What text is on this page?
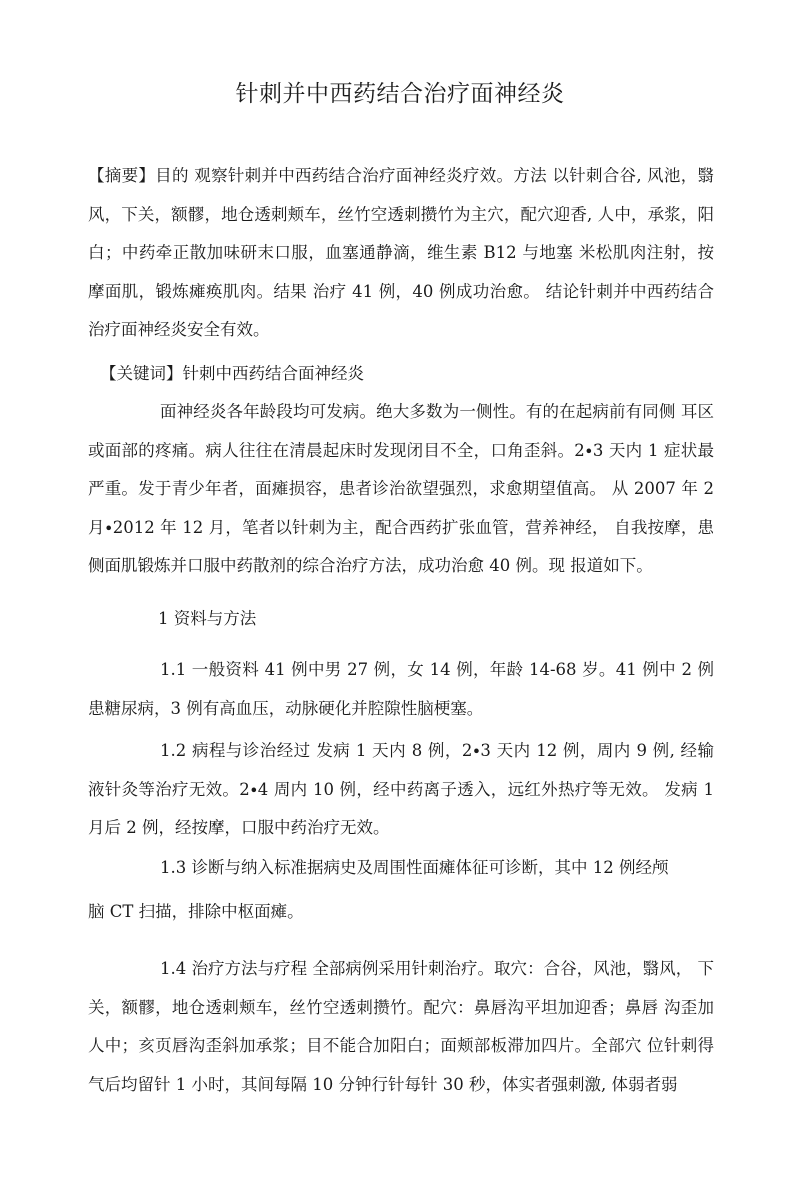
针刺并中西药结合治疗面神经炎

【摘要】目的 观察针刺并中西药结合治疗面神经炎疗效。方法 以针刺合谷, 风池，翳风，下关，额髎，地仓透刺颊车，丝竹空透刺攒竹为主穴，配穴迎香, 人中，承浆，阳白；中药牵正散加味研末口服，血塞通静滴，维生素 B12 与地塞 米松肌肉注射，按摩面肌，锻炼瘫痪肌肉。结果 治疗 41 例，40 例成功治愈。 结论针刺并中西药结合治疗面神经炎安全有效。

【关键词】针刺中西药结合面神经炎

面神经炎各年龄段均可发病。绝大多数为一侧性。有的在起病前有同侧 耳区或面部的疼痛。病人往往在清晨起床时发现闭目不全，口角歪斜。2∙3 天内 1 症状最严重。发于青少年者，面瘫损容，患者诊治欲望强烈，求愈期望值高。 从 2007 年 2 月∙2012 年 12 月，笔者以针刺为主，配合西药扩张血管，营养神经， 自我按摩，患侧面肌锻炼并口服中药散剂的综合治疗方法，成功治愈 40 例。现 报道如下。

1 资料与方法

1.1 一般资料 41 例中男 27 例，女 14 例，年龄 14-68 岁。41 例中 2 例 患糖尿病，3 例有高血压，动脉硬化并腔隙性脑梗塞。

1.2 病程与诊治经过 发病 1 天内 8 例，2∙3 天内 12 例，周内 9 例, 经输液针灸等治疗无效。2∙4 周内 10 例，经中药离子透入，远红外热疗等无效。 发病 1 月后 2 例，经按摩，口服中药治疗无效。

1.3 诊断与纳入标准据病史及周围性面瘫体征可诊断，其中 12 例经颅

脑 CT 扫描，排除中枢面瘫。

1.4 治疗方法与疗程 全部病例采用针刺治疗。取穴：合谷，风池，翳风， 下关，额髎，地仓透刺颊车，丝竹空透刺攒竹。配穴：鼻唇沟平坦加迎香；鼻唇 沟歪加人中；亥页唇沟歪斜加承浆；目不能合加阳白；面颊部板滞加四片。全部穴 位针刺得气后均留针 1 小时，其间每隔 10 分钟行针每针 30 秒，体实者强刺激, 体弱者弱
